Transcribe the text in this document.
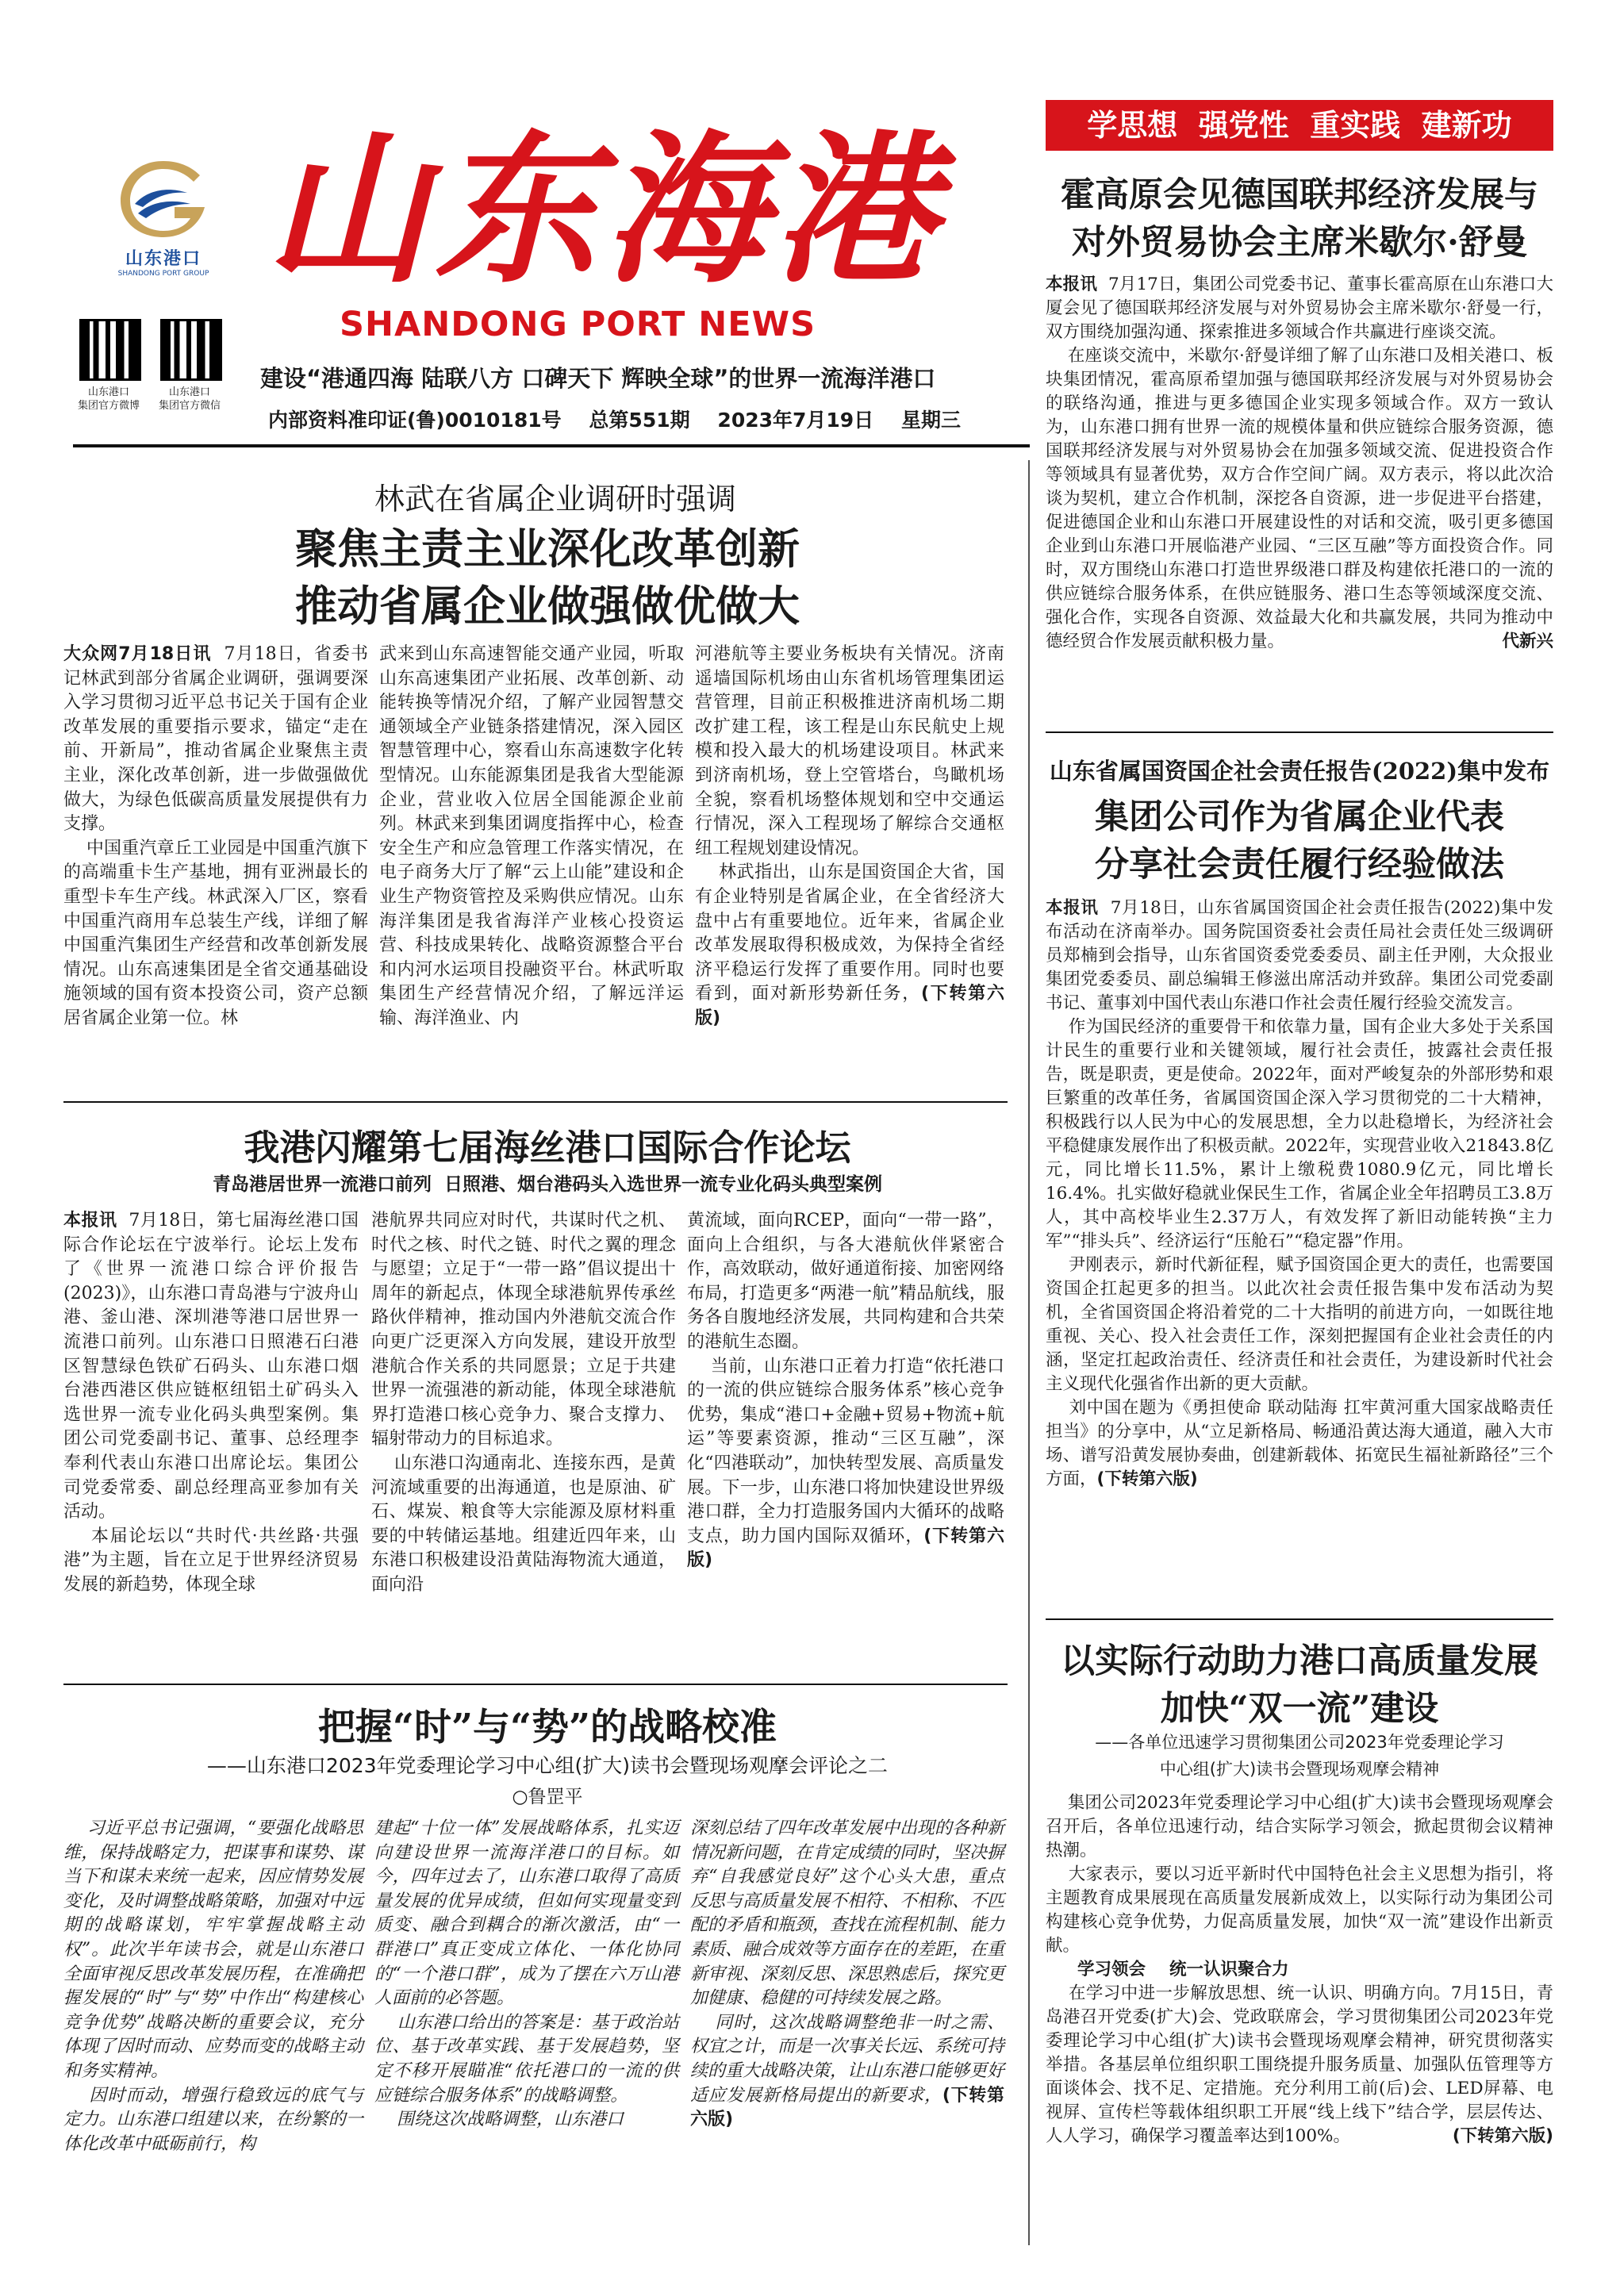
山东港口
SHANDONG PORT GROUP 山东海港
SHANDONG PORT NEWS
山东港口
集团官方微博
山东港口
集团官方微信
建设“港通四海 陆联八方 口碑天下 辉映全球”的世界一流海洋港口
内部资料准印证(鲁)0010181号    总第551期    2023年7月19日    星期三
学思想  强党性  重实践  建新功
林武在省属企业调研时强调
聚焦主责主业深化改革创新
推动省属企业做强做优做大

大众网7月18日讯  7月18日，省委书记林武到部分省属企业调研，强调要深入学习贯彻习近平总书记关于国有企业改革发展的重要指示要求，锚定“走在前、开新局”，推动省属企业聚焦主责主业，深化改革创新，进一步做强做优做大，为绿色低碳高质量发展提供有力支撑。
中国重汽章丘工业园是中国重汽旗下的高端重卡生产基地，拥有亚洲最长的重型卡车生产线。林武深入厂区，察看中国重汽商用车总装生产线，详细了解中国重汽集团生产经营和改革创新发展情况。山东高速集团是全省交通基础设施领域的国有资本投资公司，资产总额居省属企业第一位。林

武来到山东高速智能交通产业园，听取山东高速集团产业拓展、改革创新、动能转换等情况介绍，了解产业园智慧交通领域全产业链条搭建情况，深入园区智慧管理中心，察看山东高速数字化转型情况。山东能源集团是我省大型能源企业，营业收入位居全国能源企业前列。林武来到集团调度指挥中心，检查安全生产和应急管理工作落实情况，在电子商务大厅了解“云上山能”建设和企业生产物资管控及采购供应情况。山东海洋集团是我省海洋产业核心投资运营、科技成果转化、战略资源整合平台和内河水运项目投融资平台。林武听取集团生产经营情况介绍，了解远洋运输、海洋渔业、内

河港航等主要业务板块有关情况。济南遥墙国际机场由山东省机场管理集团运营管理，目前正积极推进济南机场二期改扩建工程，该工程是山东民航史上规模和投入最大的机场建设项目。林武来到济南机场，登上空管塔台，鸟瞰机场全貌，察看机场整体规划和空中交通运行情况，深入工程现场了解综合交通枢纽工程规划建设情况。
林武指出，山东是国资国企大省，国有企业特别是省属企业，在全省经济大盘中占有重要地位。近年来，省属企业改革发展取得积极成效，为保持全省经济平稳运行发挥了重要作用。同时也要看到，面对新形势新任务，(下转第六版)

我港闪耀第七届海丝港口国际合作论坛
青岛港居世界一流港口前列  日照港、烟台港码头入选世界一流专业化码头典型案例

本报讯  7月18日，第七届海丝港口国际合作论坛在宁波举行。论坛上发布了《世界一流港口综合评价报告(2023)》，山东港口青岛港与宁波舟山港、釜山港、深圳港等港口居世界一流港口前列。山东港口日照港石臼港区智慧绿色铁矿石码头、山东港口烟台港西港区供应链枢纽铝土矿码头入选世界一流专业化码头典型案例。集团公司党委副书记、董事、总经理李奉利代表山东港口出席论坛。集团公司党委常委、副总经理高亚参加有关活动。
本届论坛以“共时代·共丝路·共强港”为主题，旨在立足于世界经济贸易发展的新趋势，体现全球

港航界共同应对时代，共谋时代之机、时代之核、时代之链、时代之翼的理念与愿望；立足于“一带一路”倡议提出十周年的新起点，体现全球港航界传承丝路伙伴精神，推动国内外港航交流合作向更广泛更深入方向发展，建设开放型港航合作关系的共同愿景；立足于共建世界一流强港的新动能，体现全球港航界打造港口核心竞争力、聚合支撑力、辐射带动力的目标追求。
山东港口沟通南北、连接东西，是黄河流域重要的出海通道，也是原油、矿石、煤炭、粮食等大宗能源及原材料重要的中转储运基地。组建近四年来，山东港口积极建设沿黄陆海物流大通道，面向沿

黄流域，面向RCEP，面向“一带一路”，面向上合组织，与各大港航伙伴紧密合作，高效联动，做好通道衔接、加密网络布局，打造更多“两港一航”精品航线，服务各自腹地经济发展，共同构建和合共荣的港航生态圈。
当前，山东港口正着力打造“依托港口的一流的供应链综合服务体系”核心竞争优势，集成“港口+金融+贸易+物流+航运”等要素资源，推动“三区互融”，深化“四港联动”，加快转型发展、高质量发展。下一步，山东港口将加快建设世界级港口群，全力打造服务国内大循环的战略支点，助力国内国际双循环，(下转第六版)

把握“时”与“势”的战略校准
——山东港口2023年党委理论学习中心组(扩大)读书会暨现场观摩会评论之二
○鲁罡平

习近平总书记强调，“要强化战略思维，保持战略定力，把谋事和谋势、谋当下和谋未来统一起来，因应情势发展变化，及时调整战略策略，加强对中远期的战略谋划，牢牢掌握战略主动权”。此次半年读书会，就是山东港口全面审视反思改革发展历程，在准确把握发展的“时”与“势”中作出“构建核心竞争优势”战略决断的重要会议，充分体现了因时而动、应势而变的战略主动和务实精神。
因时而动，增强行稳致远的底气与定力。山东港口组建以来，在纷繁的一体化改革中砥砺前行，构

建起“十位一体”发展战略体系，扎实迈向建设世界一流海洋港口的目标。如今，四年过去了，山东港口取得了高质量发展的优异成绩，但如何实现量变到质变、融合到耦合的渐次激活，由“一群港口”真正变成立体化、一体化协同的“一个港口群”，成为了摆在六万山港人面前的必答题。
山东港口给出的答案是：基于政治站位、基于改革实践、基于发展趋势，坚定不移开展瞄准“依托港口的一流的供应链综合服务体系”的战略调整。
围绕这次战略调整，山东港口

深刻总结了四年改革发展中出现的各种新情况新问题，在肯定成绩的同时，坚决摒弃“自我感觉良好”这个心头大患，重点反思与高质量发展不相符、不相称、不匹配的矛盾和瓶颈，查找在流程机制、能力素质、融合成效等方面存在的差距，在重新审视、深刻反思、深思熟虑后，探究更加健康、稳健的可持续发展之路。
同时，这次战略调整绝非一时之需、权宜之计，而是一次事关长远、系统可持续的重大战略决策，让山东港口能够更好适应发展新格局提出的新要求，(下转第六版)

霍高原会见德国联邦经济发展与
对外贸易协会主席米歇尔·舒曼

本报讯  7月17日，集团公司党委书记、董事长霍高原在山东港口大厦会见了德国联邦经济发展与对外贸易协会主席米歇尔·舒曼一行，双方围绕加强沟通、探索推进多领域合作共赢进行座谈交流。
在座谈交流中，米歇尔·舒曼详细了解了山东港口及相关港口、板块集团情况，霍高原希望加强与德国联邦经济发展与对外贸易协会的联络沟通，推进与更多德国企业实现多领域合作。双方一致认为，山东港口拥有世界一流的规模体量和供应链综合服务资源，德国联邦经济发展与对外贸易协会在加强多领域交流、促进投资合作等领域具有显著优势，双方合作空间广阔。双方表示，将以此次洽谈为契机，建立合作机制，深挖各自资源，进一步促进平台搭建，促进德国企业和山东港口开展建设性的对话和交流，吸引更多德国企业到山东港口开展临港产业园、“三区互融”等方面投资合作。同时，双方围绕山东港口打造世界级港口群及构建依托港口的一流的供应链综合服务体系，在供应链服务、港口生态等领域深度交流、强化合作，实现各自资源、效益最大化和共赢发展，共同为推动中德经贸合作发展贡献积极力量。	代新兴

山东省属国资国企社会责任报告(2022)集中发布
集团公司作为省属企业代表
分享社会责任履行经验做法

本报讯  7月18日，山东省属国资国企社会责任报告(2022)集中发布活动在济南举办。国务院国资委社会责任局社会责任处三级调研员郑楠到会指导，山东省国资委党委委员、副主任尹刚，大众报业集团党委委员、副总编辑王修滋出席活动并致辞。集团公司党委副书记、董事刘中国代表山东港口作社会责任履行经验交流发言。
作为国民经济的重要骨干和依靠力量，国有企业大多处于关系国计民生的重要行业和关键领域，履行社会责任，披露社会责任报告，既是职责，更是使命。2022年，面对严峻复杂的外部形势和艰巨繁重的改革任务，省属国资国企深入学习贯彻党的二十大精神，积极践行以人民为中心的发展思想，全力以赴稳增长，为经济社会平稳健康发展作出了积极贡献。2022年，实现营业收入21843.8亿元，同比增长11.5%，累计上缴税费1080.9亿元，同比增长16.4%。扎实做好稳就业保民生工作，省属企业全年招聘员工3.8万人，其中高校毕业生2.37万人，有效发挥了新旧动能转换“主力军”“排头兵”、经济运行“压舱石”“稳定器”作用。
尹刚表示，新时代新征程，赋予国资国企更大的责任，也需要国资国企扛起更多的担当。以此次社会责任报告集中发布活动为契机，全省国资国企将沿着党的二十大指明的前进方向，一如既往地重视、关心、投入社会责任工作，深刻把握国有企业社会责任的内涵，坚定扛起政治责任、经济责任和社会责任，为建设新时代社会主义现代化强省作出新的更大贡献。
刘中国在题为《勇担使命 联动陆海 扛牢黄河重大国家战略责任担当》的分享中，从“立足新格局、畅通沿黄达海大通道，融入大市场、谱写沿黄发展协奏曲，创建新载体、拓宽民生福祉新路径”三个方面，(下转第六版)

以实际行动助力港口高质量发展
加快“双一流”建设
——各单位迅速学习贯彻集团公司2023年党委理论学习
中心组(扩大)读书会暨现场观摩会精神

集团公司2023年党委理论学习中心组(扩大)读书会暨现场观摩会召开后，各单位迅速行动，结合实际学习领会，掀起贯彻会议精神热潮。
大家表示，要以习近平新时代中国特色社会主义思想为指引，将主题教育成果展现在高质量发展新成效上，以实际行动为集团公司构建核心竞争优势，力促高质量发展，加快“双一流”建设作出新贡献。

学习领会    统一认识聚合力

在学习中进一步解放思想、统一认识、明确方向。7月15日，青岛港召开党委(扩大)会、党政联席会，学习贯彻集团公司2023年党委理论学习中心组(扩大)读书会暨现场观摩会精神，研究贯彻落实举措。各基层单位组织职工围绕提升服务质量、加强队伍管理等方面谈体会、找不足、定措施。充分利用工前(后)会、LED屏幕、电视屏、宣传栏等载体组织职工开展“线上线下”结合学，层层传达、人人学习，确保学习覆盖率达到100%。	(下转第六版)
